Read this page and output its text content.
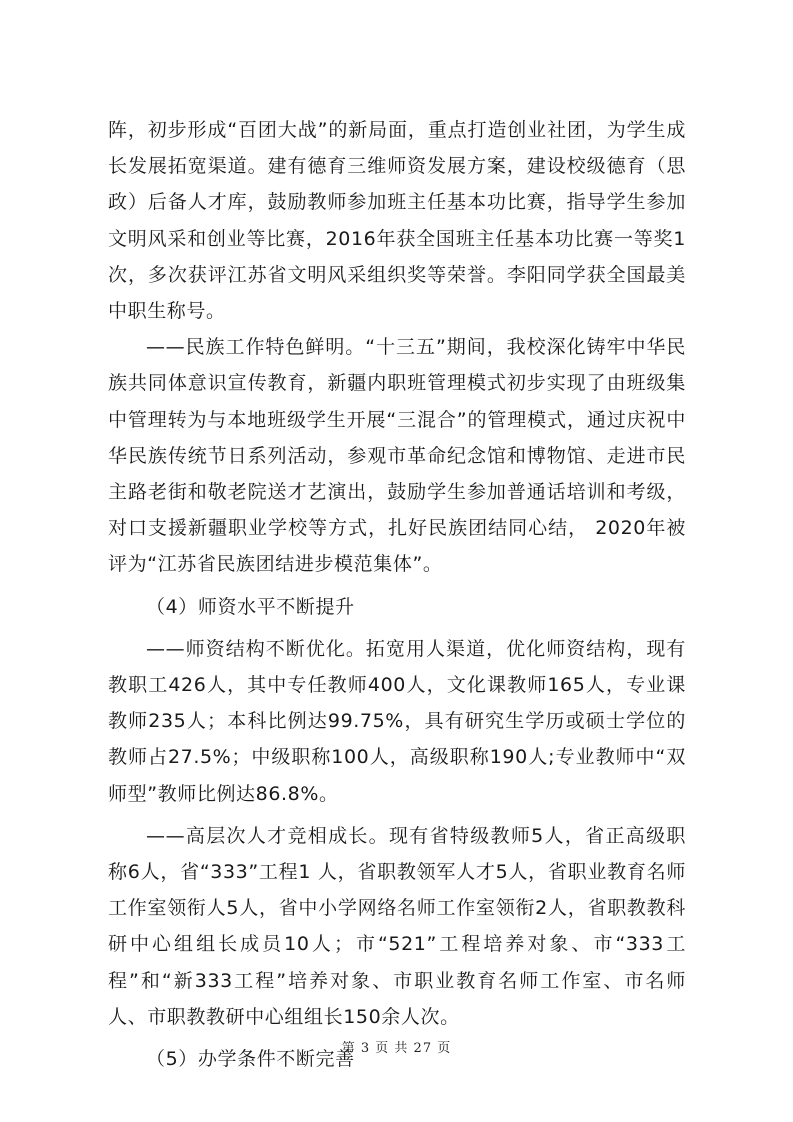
阵，初步形成“百团大战”的新局面，重点打造创业社团，为学生成长发展拓宽渠道。建有德育三维师资发展方案，建设校级德育（思政）后备人才库，鼓励教师参加班主任基本功比赛，指导学生参加文明风采和创业等比赛，2016年获全国班主任基本功比赛一等奖1次，多次获评江苏省文明风采组织奖等荣誉。李阳同学获全国最美中职生称号。

——民族工作特色鲜明。“十三五”期间，我校深化铸牢中华民族共同体意识宣传教育，新疆内职班管理模式初步实现了由班级集中管理转为与本地班级学生开展“三混合”的管理模式，通过庆祝中华民族传统节日系列活动，参观市革命纪念馆和博物馆、走进市民主路老街和敬老院送才艺演出，鼓励学生参加普通话培训和考级，对口支援新疆职业学校等方式，扎好民族团结同心结， 2020年被评为“江苏省民族团结进步模范集体”。

（4）师资水平不断提升

——师资结构不断优化。拓宽用人渠道，优化师资结构，现有教职工426人，其中专任教师400人，文化课教师165人，专业课教师235人；本科比例达99.75%，具有研究生学历或硕士学位的教师占27.5%；中级职称100人，高级职称190人;专业教师中“双师型”教师比例达86.8%。

——高层次人才竞相成长。现有省特级教师5人，省正高级职称6人，省“333”工程1 人，省职教领军人才5人，省职业教育名师工作室领衔人5人，省中小学网络名师工作室领衔2人，省职教教科研中心组组长成员10人；市“521”工程培养对象、市“333工程”和“新333工程”培养对象、市职业教育名师工作室、市名师人、市职教教研中心组组长150余人次。

（5）办学条件不断完善

第 3 页 共 27 页
